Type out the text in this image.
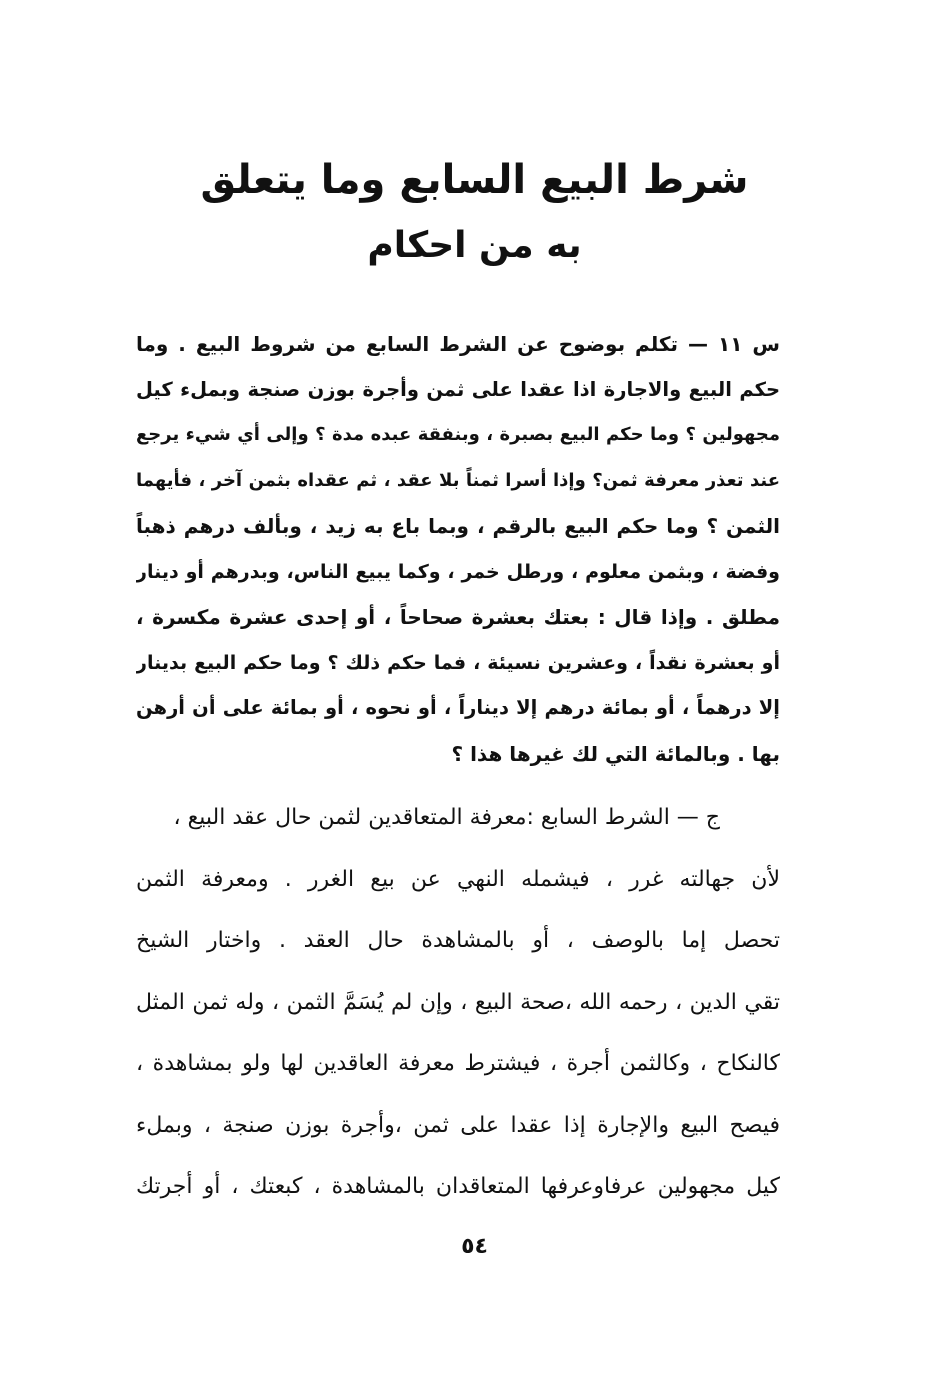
شرط البيع السابع وما يتعلق
به من احكام
س ١١ — تكلم بوضوح عن الشرط السابع من شروط البيع . وما
حكم البيع والاجارة اذا عقدا على ثمن وأجرة بوزن صنجة وبملء كيل
مجهولين ؟ وما حكم البيع بصبرة ، وبنفقة عبده مدة ؟ وإلى أي شيء يرجع
عند تعذر معرفة ثمن؟ وإذا أسرا ثمناً بلا عقد ، ثم عقداه بثمن آخر ، فأيهما
الثمن ؟ وما حكم البيع بالرقم ، وبما باع به زيد ، وبألف درهم ذهباً
وفضة ، وبثمن معلوم ، ورطل خمر ، وكما يبيع الناس، وبدرهم أو دينار
مطلق . وإذا قال : بعتك بعشرة صحاحاً ، أو إحدى عشرة مكسرة ،
أو بعشرة نقداً ، وعشرين نسيئة ، فما حكم ذلك ؟ وما حكم البيع بدينار
إلا درهماً ، أو بمائة درهم إلا ديناراً ، أو نحوه ، أو بمائة على أن أرهن
بها . وبالمائة التي لك غيرها هذا ؟
ج — الشرط السابع :معرفة المتعاقدين لثمن حال عقد البيع ،
لأن جهالته غرر ، فيشمله النهي عن بيع الغرر . ومعرفة الثمن
تحصل إما بالوصف ، أو بالمشاهدة حال العقد . واختار الشيخ
تقي الدين ، رحمه الله ،صحة البيع ، وإن لم يُسَمَّ الثمن ، وله ثمن المثل
كالنكاح ، وكالثمن أجرة ، فيشترط معرفة العاقدين لها ولو بمشاهدة ،
فيصح البيع والإجارة إذا عقدا على ثمن ،وأجرة بوزن صنجة ، وبملء
كيل مجهولين عرفاوعرفها المتعاقدان بالمشاهدة ، كبعتك ، أو أجرتك
٥٤
